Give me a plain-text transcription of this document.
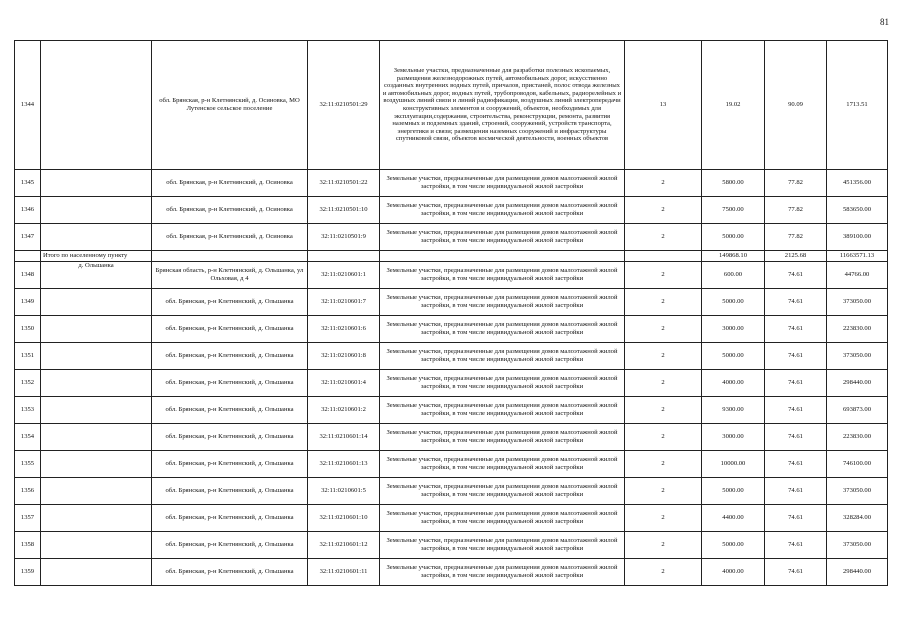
81
1344		обл. Брянская, р-н Клетнянский, д. Осиновка, МО Лутенское сельское поселение	32:11:0210501:29	Земельные участки, предназначенные для разработки полезных ископаемых, размещения железнодорожных путей, автомобильных дорог, искусственно созданных внутренних водных путей, причалов, пристаней, полос отвода железных и автомобильных дорог, водных путей, трубопроводов, кабельных, радиорелейных и воздушных линий связи и линий радиофикации, воздушных линий электропередачи конструктивных элементов и сооружений, объектов, необходимых для эксплуатации,содержания, строительства, реконструкции, ремонта, развития наземных и подземных зданий, строений, сооружений, устройств транспорта, энергетики и связи; размещения наземных сооружений и инфраструктуры спутниковой связи, объектов космической деятельности, военных объектов	13	19.02	90.09	1713.51
1345		обл. Брянская, р-н Клетнянский, д. Осиновка	32:11:0210501:22	Земельные участки, предназначенные для размещения домов малоэтажной жилой застройки, в том числе индивидуальной жилой застройки	2	5800.00	77.82	451356.00
1346		обл. Брянская, р-н Клетнянский, д. Осиновка	32:11:0210501:10	Земельные участки, предназначенные для размещения домов малоэтажной жилой застройки, в том числе индивидуальной жилой застройки	2	7500.00	77.82	583650.00
1347		обл. Брянская, р-н Клетнянский, д. Осиновка	32:11:0210501:9	Земельные участки, предназначенные для размещения домов малоэтажной жилой застройки, в том числе индивидуальной жилой застройки	2	5000.00	77.82	389100.00
	Итого по населенному пункту					149868.10	2125.68	11663571.13
1348	д. Ольшанка	Брянская область, р-н Клетнянский, д. Ольшанка, ул Ольховая, д 4	32:11:0210601:1	Земельные участки, предназначенные для размещения домов малоэтажной жилой застройки, в том числе индивидуальной жилой застройки	2	600.00	74.61	44766.00
1349		обл. Брянская, р-н Клетнянский, д. Ольшанка	32:11:0210601:7	Земельные участки, предназначенные для размещения домов малоэтажной жилой застройки, в том числе индивидуальной жилой застройки	2	5000.00	74.61	373050.00
1350		обл. Брянская, р-н Клетнянский, д. Ольшанка	32:11:0210601:6	Земельные участки, предназначенные для размещения домов малоэтажной жилой застройки, в том числе индивидуальной жилой застройки	2	3000.00	74.61	223830.00
1351		обл. Брянская, р-н Клетнянский, д. Ольшанка	32:11:0210601:8	Земельные участки, предназначенные для размещения домов малоэтажной жилой застройки, в том числе индивидуальной жилой застройки	2	5000.00	74.61	373050.00
1352		обл. Брянская, р-н Клетнянский, д. Ольшанка	32:11:0210601:4	Земельные участки, предназначенные для размещения домов малоэтажной жилой застройки, в том числе индивидуальной жилой застройки	2	4000.00	74.61	298440.00
1353		обл. Брянская, р-н Клетнянский, д. Ольшанка	32:11:0210601:2	Земельные участки, предназначенные для размещения домов малоэтажной жилой застройки, в том числе индивидуальной жилой застройки	2	9300.00	74.61	693873.00
1354		обл. Брянская, р-н Клетнянский, д. Ольшанка	32:11:0210601:14	Земельные участки, предназначенные для размещения домов малоэтажной жилой застройки, в том числе индивидуальной жилой застройки	2	3000.00	74.61	223830.00
1355		обл. Брянская, р-н Клетнянский, д. Ольшанка	32:11:0210601:13	Земельные участки, предназначенные для размещения домов малоэтажной жилой застройки, в том числе индивидуальной жилой застройки	2	10000.00	74.61	746100.00
1356		обл. Брянская, р-н Клетнянский, д. Ольшанка	32:11:0210601:5	Земельные участки, предназначенные для размещения домов малоэтажной жилой застройки, в том числе индивидуальной жилой застройки	2	5000.00	74.61	373050.00
1357		обл. Брянская, р-н Клетнянский, д. Ольшанка	32:11:0210601:10	Земельные участки, предназначенные для размещения домов малоэтажной жилой застройки, в том числе индивидуальной жилой застройки	2	4400.00	74.61	328284.00
1358		обл. Брянская, р-н Клетнянский, д. Ольшанка	32:11:0210601:12	Земельные участки, предназначенные для размещения домов малоэтажной жилой застройки, в том числе индивидуальной жилой застройки	2	5000.00	74.61	373050.00
1359		обл. Брянская, р-н Клетнянский, д. Ольшанка	32:11:0210601:11	Земельные участки, предназначенные для размещения домов малоэтажной жилой застройки, в том числе индивидуальной жилой застройки	2	4000.00	74.61	298440.00
